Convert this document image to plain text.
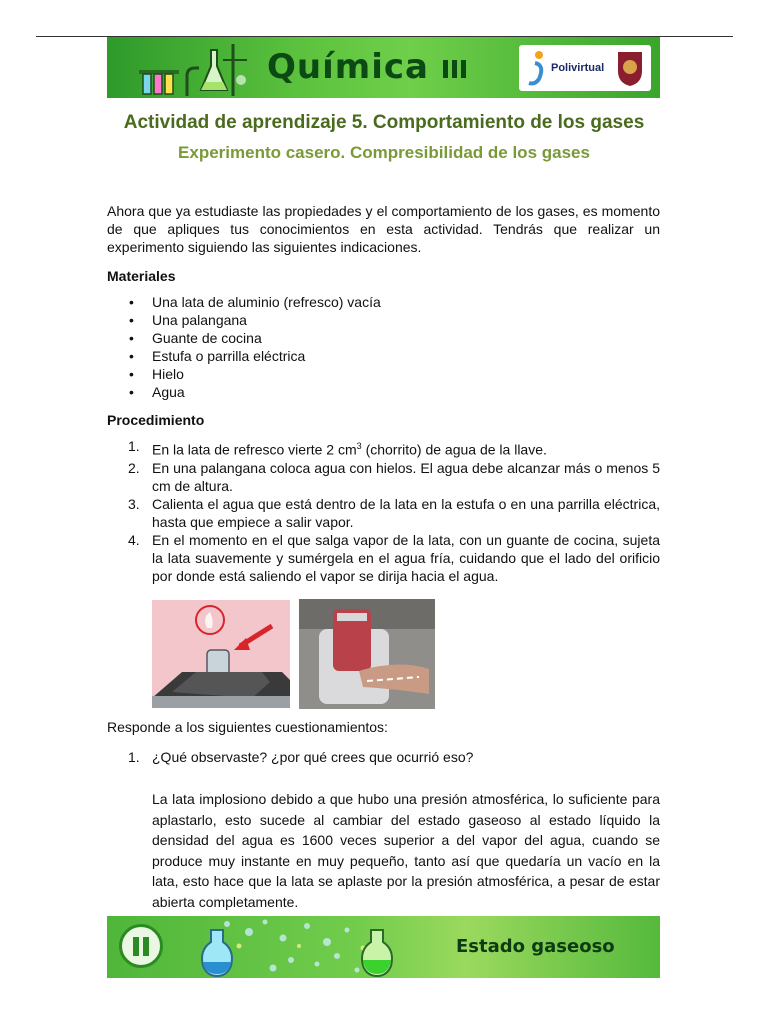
Química	Polivirtual
Actividad de aprendizaje 5. Comportamiento de los gases
Experimento casero. Compresibilidad de los gases
Ahora que ya estudiaste las propiedades y el comportamiento de los gases, es momento de que apliques tus conocimientos en esta actividad. Tendrás que realizar un experimento siguiendo las siguientes indicaciones.
Materiales
• Una lata de aluminio (refresco) vacía
• Una palangana
• Guante de cocina
• Estufa o parrilla eléctrica
• Hielo
• Agua
Procedimiento
1. En la lata de refresco vierte 2 $cm^3$ (chorrito) de agua de la llave.
2. En una palangana coloca agua con hielos. El agua debe alcanzar más o menos 5 cm de altura.
3. Calienta el agua que está dentro de la lata en la estufa o en una parrilla eléctrica, hasta que empiece a salir vapor.
4. En el momento en el que salga vapor de la lata, con un guante de cocina, sujeta la lata suavemente y sumérgela en el agua fría, cuidando que el lado del orificio por donde está saliendo el vapor se dirija hacia el agua.
Responde a los siguientes cuestionamientos:
1. ¿Qué observaste? ¿por qué crees que ocurrió eso?
La lata implosiono debido a que hubo una presión atmosférica, lo suficiente para aplastarlo, esto sucede al cambiar del estado gaseoso al estado líquido la densidad del agua es 1600 veces superior a del vapor del agua, cuando se produce muy instante en muy pequeño, tanto así que quedaría un vacío en la lata, esto hace que la lata se aplaste por la presión atmosférica, a pesar de estar abierta completamente.
Estado gaseoso
